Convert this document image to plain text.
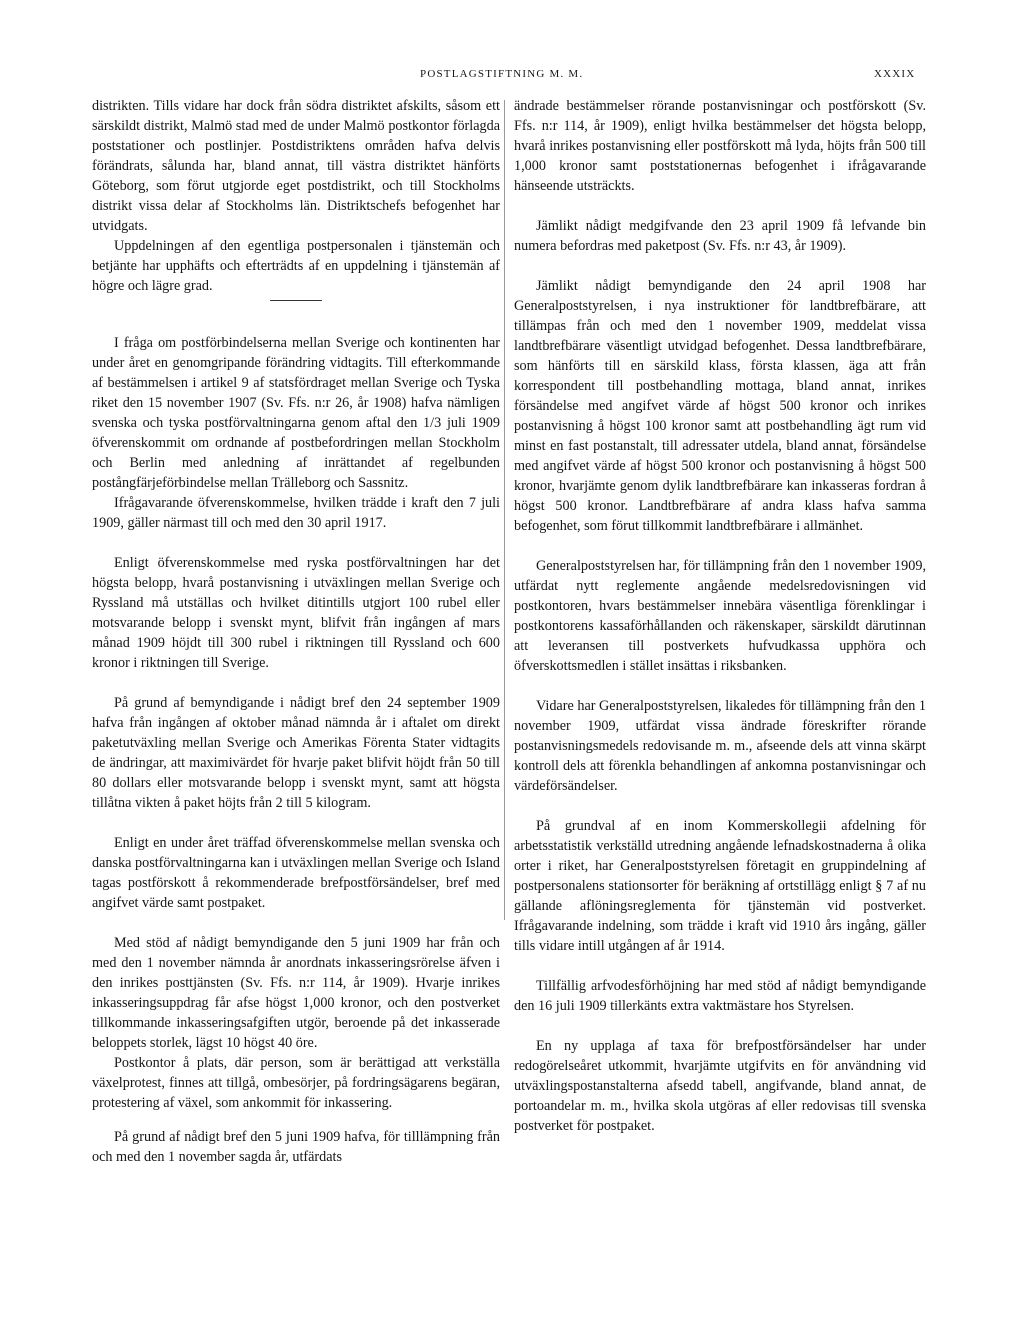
POSTLAGSTIFTNING M. M.	XXXIX

distrikten. Tills vidare har dock från södra distriktet afskilts, såsom ett särskildt distrikt, Malmö stad med de under Malmö postkontor förlagda poststationer och postlinjer. Postdistriktens områden hafva delvis förändrats, sålunda har, bland annat, till västra distriktet hänförts Göteborg, som förut utgjorde eget postdistrikt, och till Stockholms distrikt vissa delar af Stockholms län. Distriktschefs befogenhet har utvidgats.

Uppdelningen af den egentliga postpersonalen i tjänstemän och betjänte har upphäfts och efterträdts af en uppdelning i tjänstemän af högre och lägre grad.

I fråga om postförbindelserna mellan Sverige och kontinenten har under året en genomgripande förändring vidtagits. Till efterkommande af bestämmelsen i artikel 9 af statsfördraget mellan Sverige och Tyska riket den 15 november 1907 (Sv. Ffs. n:r 26, år 1908) hafva nämligen svenska och tyska postförvaltningarna genom aftal den 1/3 juli 1909 öfverenskommit om ordnande af postbefordringen mellan Stockholm och Berlin med anledning af inrättandet af regelbunden postångfärjeförbindelse mellan Trälleborg och Sassnitz.

Ifrågavarande öfverenskommelse, hvilken trädde i kraft den 7 juli 1909, gäller närmast till och med den 30 april 1917.

Enligt öfverenskommelse med ryska postförvaltningen har det högsta belopp, hvarå postanvisning i utväxlingen mellan Sverige och Ryssland må utställas och hvilket ditintills utgjort 100 rubel eller motsvarande belopp i svenskt mynt, blifvit från ingången af mars månad 1909 höjdt till 300 rubel i riktningen till Ryssland och 600 kronor i riktningen till Sverige.

På grund af bemyndigande i nådigt bref den 24 september 1909 hafva från ingången af oktober månad nämnda år i aftalet om direkt paketutväxling mellan Sverige och Amerikas Förenta Stater vidtagits de ändringar, att maximivärdet för hvarje paket blifvit höjdt från 50 till 80 dollars eller motsvarande belopp i svenskt mynt, samt att högsta tillåtna vikten å paket höjts från 2 till 5 kilogram.

Enligt en under året träffad öfverenskommelse mellan svenska och danska postförvaltningarna kan i utväxlingen mellan Sverige och Island tagas postförskott å rekommenderade brefpostförsändelser, bref med angifvet värde samt postpaket.

Med stöd af nådigt bemyndigande den 5 juni 1909 har från och med den 1 november nämnda år anordnats inkasseringsrörelse äfven i den inrikes posttjänsten (Sv. Ffs. n:r 114, år 1909). Hvarje inrikes inkasseringsuppdrag får afse högst 1,000 kronor, och den postverket tillkommande inkasseringsafgiften utgör, beroende på det inkasserade beloppets storlek, lägst 10 högst 40 öre.

Postkontor å plats, där person, som är berättigad att verkställa växelprotest, finnes att tillgå, ombesörjer, på fordringsägarens begäran, protestering af växel, som ankommit för inkassering.

På grund af nådigt bref den 5 juni 1909 hafva, för tilllämpning från och med den 1 november sagda år, utfärdats

ändrade bestämmelser rörande postanvisningar och postförskott (Sv. Ffs. n:r 114, år 1909), enligt hvilka bestämmelser det högsta belopp, hvarå inrikes postanvisning eller postförskott må lyda, höjts från 500 till 1,000 kronor samt poststationernas befogenhet i ifrågavarande hänseende utsträckts.

Jämlikt nådigt medgifvande den 23 april 1909 få lefvande bin numera befordras med paketpost (Sv. Ffs. n:r 43, år 1909).

Jämlikt nådigt bemyndigande den 24 april 1908 har Generalpoststyrelsen, i nya instruktioner för landtbrefbärare, att tillämpas från och med den 1 november 1909, meddelat vissa landtbrefbärare väsentligt utvidgad befogenhet. Dessa landtbrefbärare, som hänförts till en särskild klass, första klassen, äga att från korrespondent till postbehandling mottaga, bland annat, inrikes försändelse med angifvet värde af högst 500 kronor och inrikes postanvisning å högst 100 kronor samt att postbehandling ägt rum vid minst en fast postanstalt, till adressater utdela, bland annat, försändelse med angifvet värde af högst 500 kronor och postanvisning å högst 500 kronor, hvarjämte genom dylik landtbrefbärare kan inkasseras fordran å högst 500 kronor. Landtbrefbärare af andra klass hafva samma befogenhet, som förut tillkommit landtbrefbärare i allmänhet.

Generalpoststyrelsen har, för tillämpning från den 1 november 1909, utfärdat nytt reglemente angående medelsredovisningen vid postkontoren, hvars bestämmelser innebära väsentliga förenklingar i postkontorens kassaförhållanden och räkenskaper, särskildt därutinnan att leveransen till postverkets hufvudkassa upphöra och öfverskottsmedlen i stället insättas i riksbanken.

Vidare har Generalpoststyrelsen, likaledes för tillämpning från den 1 november 1909, utfärdat vissa ändrade föreskrifter rörande postanvisningsmedels redovisande m. m., afseende dels att vinna skärpt kontroll dels att förenkla behandlingen af ankomna postanvisningar och värdeförsändelser.

På grundval af en inom Kommerskollegii afdelning för arbetsstatistik verkställd utredning angående lefnadskostnaderna å olika orter i riket, har Generalpoststyrelsen företagit en gruppindelning af postpersonalens stationsorter för beräkning af ortstillägg enligt § 7 af nu gällande aflöningsreglementa för tjänstemän vid postverket. Ifrågavarande indelning, som trädde i kraft vid 1910 års ingång, gäller tills vidare intill utgången af år 1914.

Tillfällig arfvodesförhöjning har med stöd af nådigt bemyndigande den 16 juli 1909 tillerkänts extra vaktmästare hos Styrelsen.

En ny upplaga af taxa för brefpostförsändelser har under redogörelseåret utkommit, hvarjämte utgifvits en för användning vid utväxlingspostanstalterna afsedd tabell, angifvande, bland annat, de portoandelar m. m., hvilka skola utgöras af eller redovisas till svenska postverket för postpaket.
